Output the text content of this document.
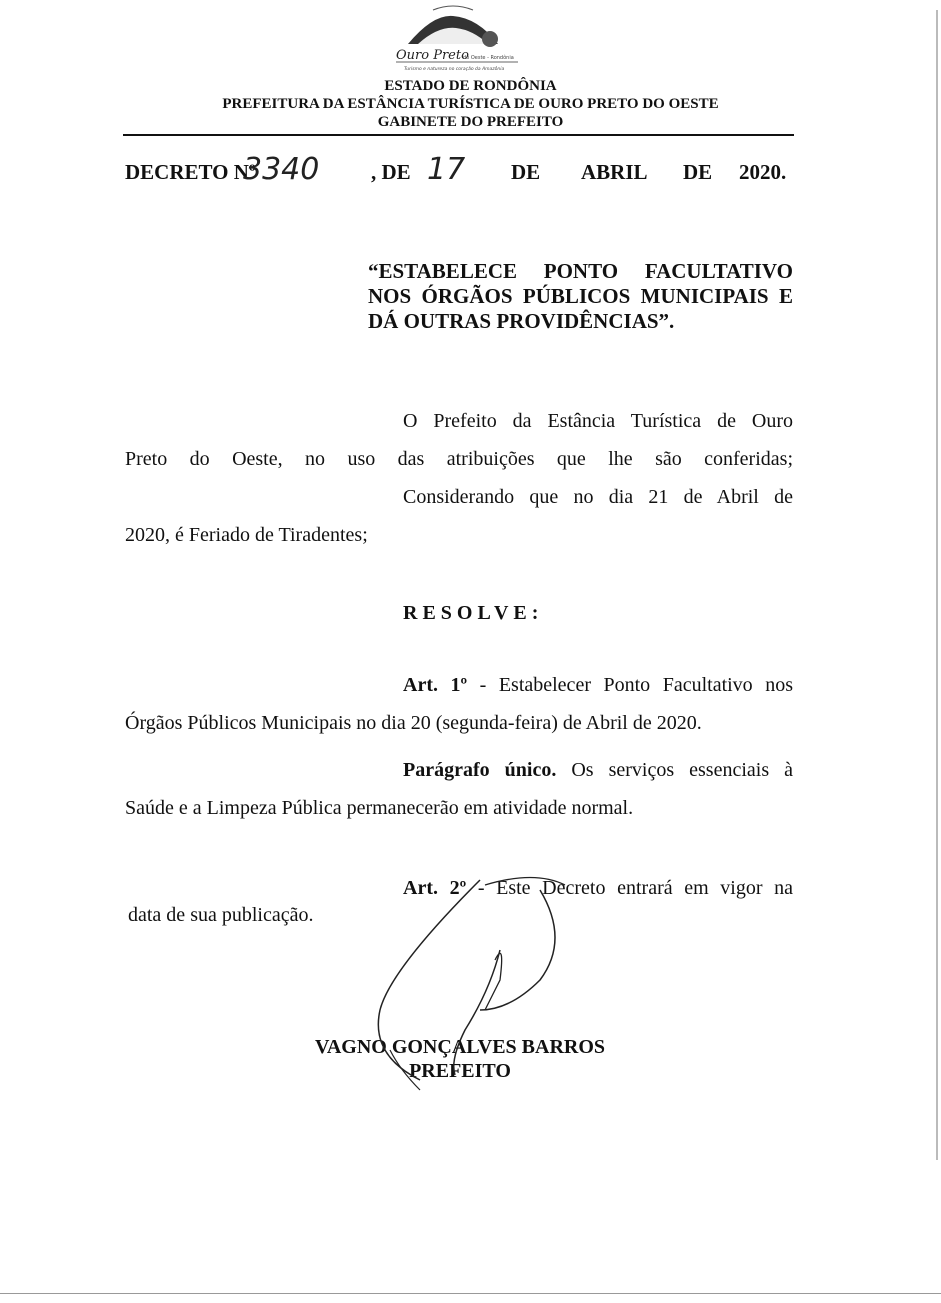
Ouro Preto
do Oeste - Rondônia
Turismo e natureza no coração da Amazônia
ESTADO DE RONDÔNIA
PREFEITURA DA ESTÂNCIA TURÍSTICA DE OURO PRETO DO OESTE
GABINETE DO PREFEITO
DECRETO Nº
3340 , DE 17 DE ABRIL DE 2020.
“ESTABELECE PONTO FACULTATIVO
NOS ÓRGÃOS PÚBLICOS MUNICIPAIS E
DÁ OUTRAS PROVIDÊNCIAS”.
O Prefeito da Estância Turística de Ouro
Preto do Oeste, no uso das atribuições que lhe são conferidas;
Considerando que no dia 21 de Abril de
2020, é Feriado de Tiradentes;
RESOLVE:
Art. 1º - Estabelecer Ponto Facultativo nos
Órgãos Públicos Municipais no dia 20 (segunda-feira) de Abril de 2020.
Parágrafo único. Os serviços essenciais à
Saúde e a Limpeza Pública permanecerão em atividade normal.
Art. 2º - Este Decreto entrará em vigor na
data de sua publicação.
VAGNO GONÇALVES BARROS
PREFEITO
